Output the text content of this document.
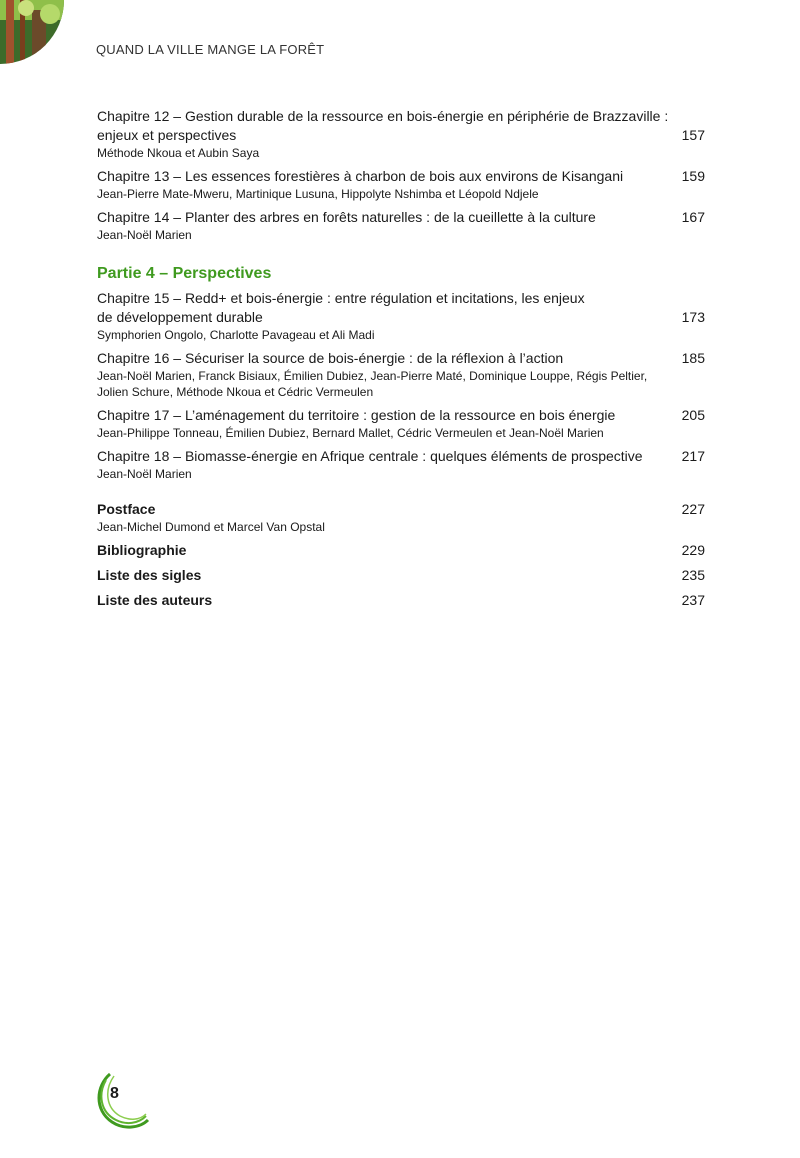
QUAND LA VILLE MANGE LA FORÊT
Chapitre 12 – Gestion durable de la ressource en bois-énergie en périphérie de Brazzaville :
enjeux et perspectives	157
Méthode Nkoua et Aubin Saya
Chapitre 13 – Les essences forestières à charbon de bois aux environs de Kisangani	159
Jean-Pierre Mate-Mweru, Martinique Lusuna, Hippolyte Nshimba et Léopold Ndjele
Chapitre 14 – Planter des arbres en forêts naturelles : de la cueillette à la culture	167
Jean-Noël Marien
Partie 4 – Perspectives
Chapitre 15 – Redd+ et bois-énergie : entre régulation et incitations, les enjeux
de développement durable	173
Symphorien Ongolo, Charlotte Pavageau et Ali Madi
Chapitre 16 – Sécuriser la source de bois-énergie : de la réflexion à l’action	185
Jean-Noël Marien, Franck Bisiaux, Émilien Dubiez, Jean-Pierre Maté, Dominique Louppe, Régis Peltier,
Jolien Schure, Méthode Nkoua et Cédric Vermeulen
Chapitre 17 – L’aménagement du territoire : gestion de la ressource en bois énergie	205
Jean-Philippe Tonneau, Émilien Dubiez, Bernard Mallet, Cédric Vermeulen et Jean-Noël Marien
Chapitre 18 – Biomasse-énergie en Afrique centrale : quelques éléments de prospective	217
Jean-Noël Marien
Postface	227
Jean-Michel Dumond et Marcel Van Opstal
Bibliographie	229
Liste des sigles	235
Liste des auteurs	237
8
